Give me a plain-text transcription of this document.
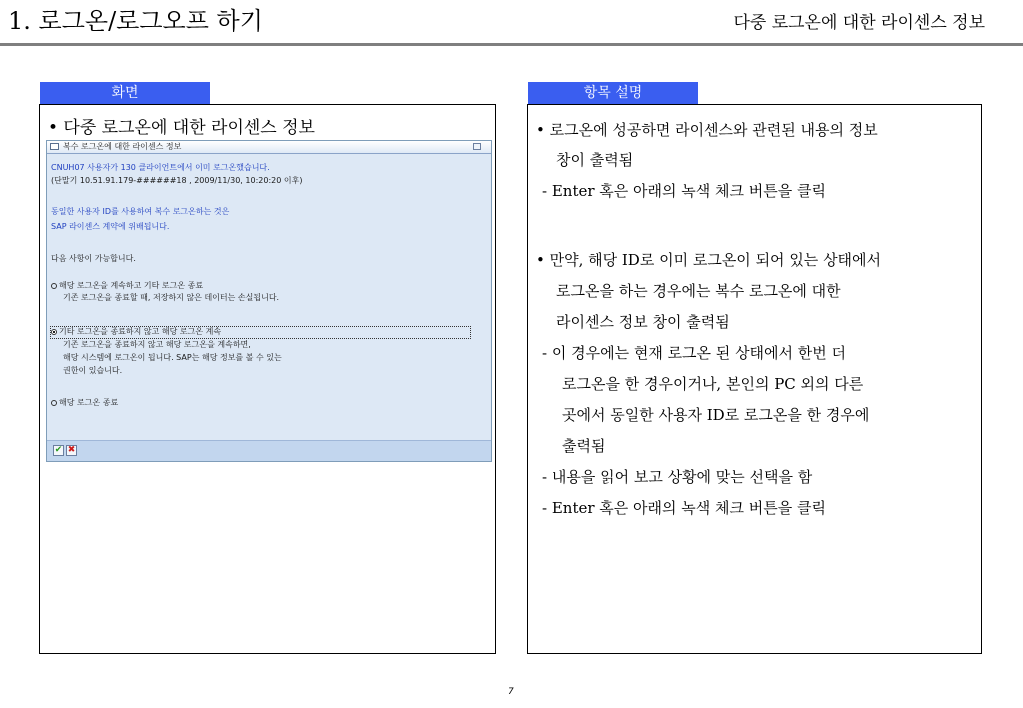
1. 로그온/로그오프 하기	다중 로그온에 대한 라이센스 정보
화면	항목 설명
• 다중 로그온에 대한 라이센스 정보
복수 로그온에 대한 라이센스 정보
CNUH07 사용자가 130 클라이언트에서 이미 로그온했습니다.
(단말기 10.51.91.179-######18 , 2009/11/30, 10:20:20 이후)
동일한 사용자 ID를 사용하여 복수 로그온하는 것은
SAP 라이센스 계약에 위배됩니다.
다음 사항이 가능합니다.
해당 로그온을 계속하고 기타 로그온 종료
기존 로그온을 종료할 때, 저장하지 않은 데이터는 손실됩니다.
기타 로그온을 종료하지 않고 해당 로그온 계속
기존 로그온을 종료하지 않고 해당 로그온을 계속하면,
해당 시스템에 로그온이 됩니다. SAP는 해당 정보를 볼 수 있는
권한이 있습니다.
해당 로그온 종료
✔ ✖
• 로그온에 성공하면 라이센스와 관련된 내용의 정보
창이 출력됨
- Enter 혹은 아래의 녹색 체크 버튼을 클릭
• 만약, 해당 ID로 이미 로그온이 되어 있는 상태에서
로그온을 하는 경우에는 복수 로그온에 대한
라이센스 정보 창이 출력됨
- 이 경우에는 현재 로그온 된 상태에서 한번 더
로그온을 한 경우이거나, 본인의 PC 외의 다른
곳에서 동일한 사용자 ID로 로그온을 한 경우에
출력됨
- 내용을 읽어 보고 상황에 맞는 선택을 함
- Enter 혹은 아래의 녹색 체크 버튼을 클릭
7
